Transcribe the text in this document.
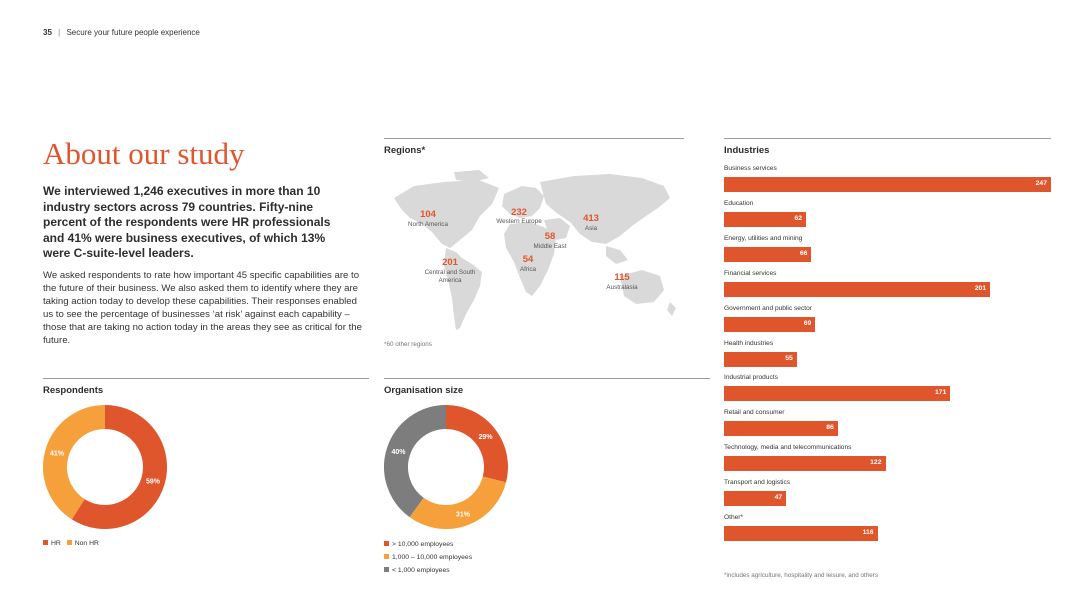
35 | Secure your future people experience
About our study

We interviewed 1,246 executives in more than 10 industry sectors across 79 countries. Fifty-nine percent of the respondents were HR professionals and 41% were business executives, of which 13% were C-suite-level leaders.

We asked respondents to rate how important 45 specific capabilities are to the future of their business. We also asked them to identify where they are taking action today to develop these capabilities. Their responses enabled us to see the percentage of businesses ‘at risk’ against each capability – those that are taking no action today in the areas they see as critical for the future.

Regions*
104
North America
232
Western Europe	413
Asia
58
Middle East
201
Central and South America
54
Africa
115
Australasia
*60 other regions
Respondents
59%
41%
HR Non HR
Organisation size
29%
31%
40%
> 10,000 employees
1,000 – 10,000 employees
< 1,000 employees
Industries
Business services
247
Education
62
Energy, utilities and mining
66
Financial services
201
Government and public sector
69
Health industries
55
Industrial products
171
Retail and consumer
86
Technology, media and telecommunications
122
Transport and logistics
47
Other*
116
*includes agriculture, hospitality and leisure, and others
